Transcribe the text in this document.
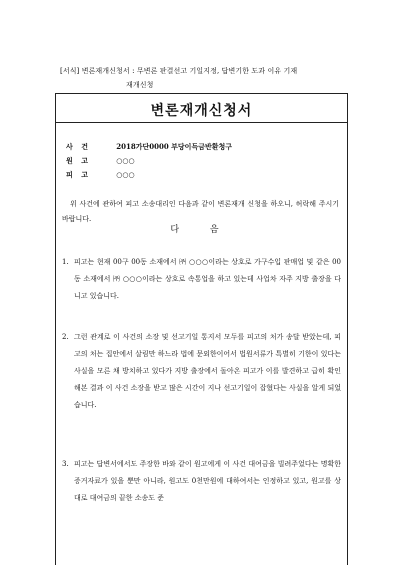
[서식] 변론재개신청서 : 무변론 판결선고 기일지정, 답변기한 도과 이유 기재
재개신청
변론재개신청서
사 건	2018가단0000 부당이득금반환청구
원 고	○○○
피 고	○○○
위 사건에 관하여 피고 소송대리인 다음과 같이 변론재개 신청을 하오니, 허락해 주시기 바랍니다.
다 음
1. 피고는 현재 00구 00동 소재에서 ㈜ ○○○이라는 상호로 가구수입 판매업 및 같은 00동 소재에서 ㈜ ○○○이라는 상호로 속통업을 하고 있는데 사업차 자주 지방 출장을 다니고 있습니다.
2. 그런 관계로 이 사건의 소장 및 선고기일 통지서 모두를 피고의 처가 송달 받았는데, 피고의 처는 집안에서 살림만 하느라 법에 문외한이어서 법원서류가 특별히 기한이 있다는 사실을 모른 채 방치하고 있다가 지방 출장에서 돌아온 피고가 이를 발견하고 급히 확인해본 결과 이 사건 소장을 받고 많은 시간이 지나 선고기일이 잡혔다는 사실을 알게 되었습니다.
3. 피고는 답변서에서도 주장한 바와 같이 원고에게 이 사건 대여금을 빌려주었다는 명확한 증거자료가 있을 뿐만 아니라, 원고도 0천만원에 대하여서는 인정하고 있고, 원고를 상대로 대여금의 끝한 소송도 준
